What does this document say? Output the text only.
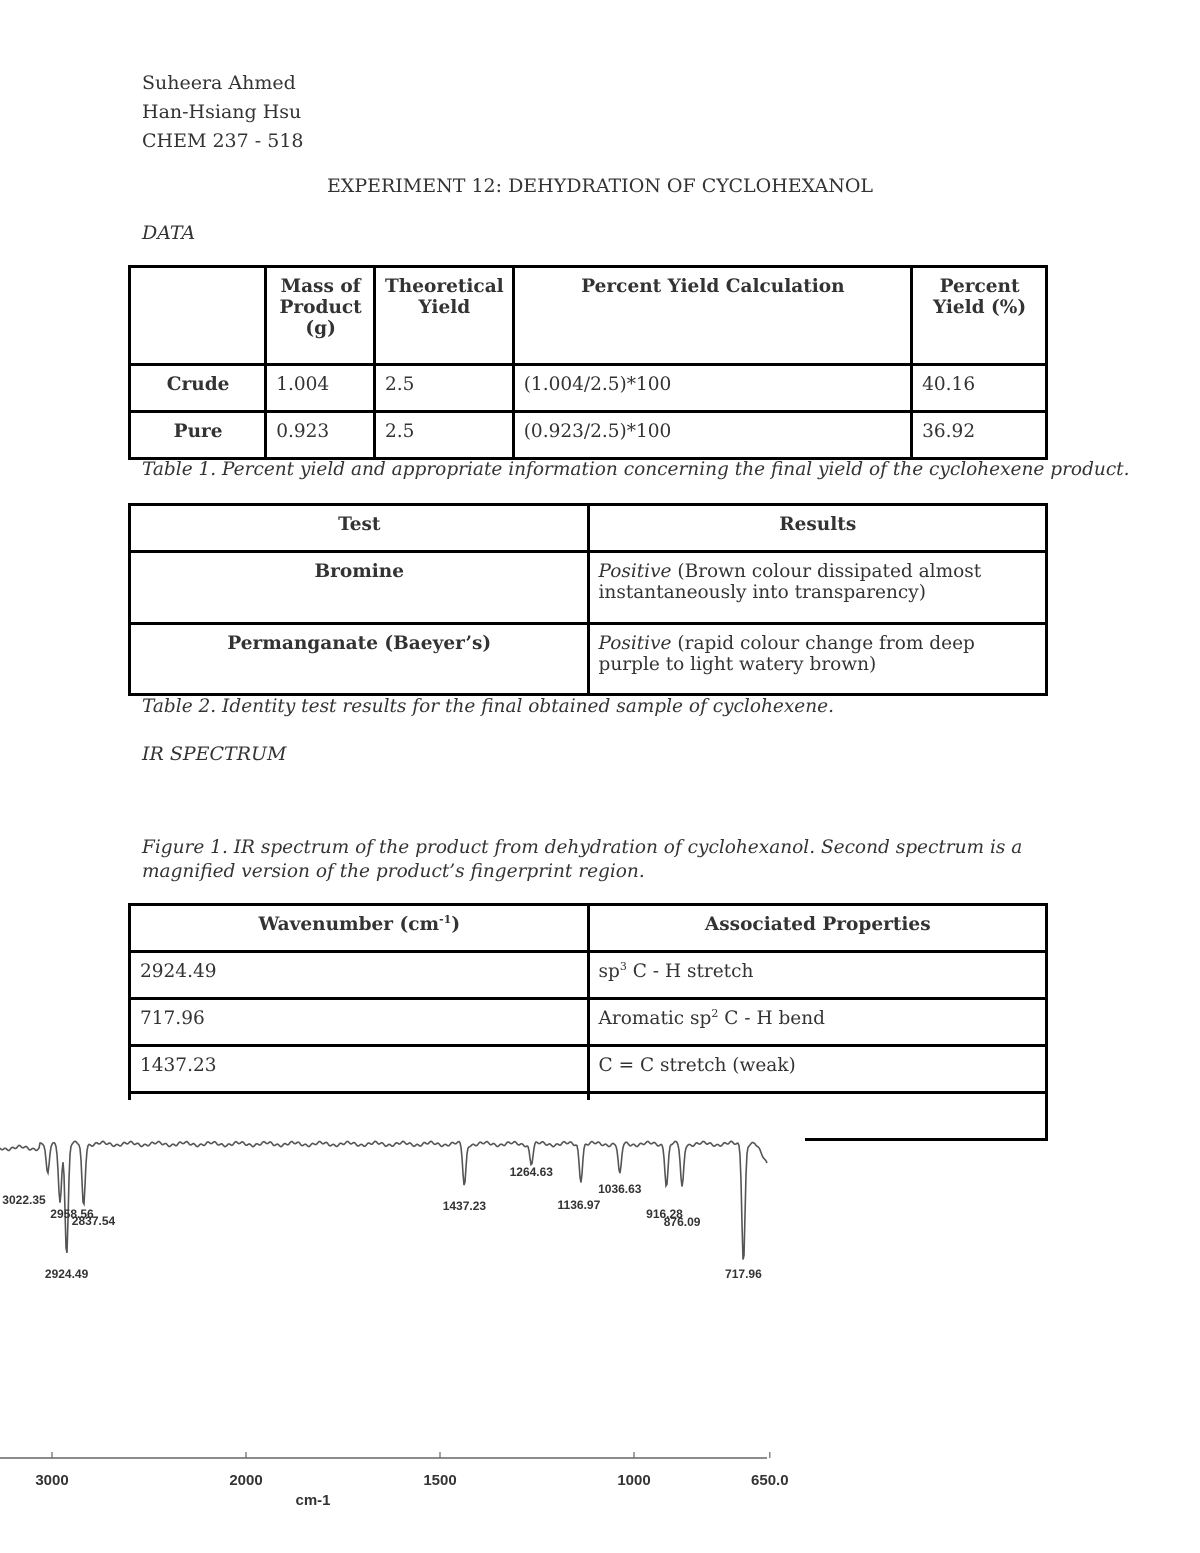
Suheera Ahmed
Han-Hsiang Hsu
CHEM 237 - 518
EXPERIMENT 12: DEHYDRATION OF CYCLOHEXANOL
DATA
	Mass of Product (g)	Theoretical Yield	Percent Yield Calculation	Percent Yield (%)
Crude	1.004	2.5	(1.004/2.5)*100	40.16
Pure	0.923	2.5	(0.923/2.5)*100	36.92
Table 1. Percent yield and appropriate information concerning the final yield of the cyclohexene product.
Test	Results
Bromine	Positive (Brown colour dissipated almost instantaneously into transparency)
Permanganate (Baeyer’s)	Positive (rapid colour change from deep purple to light watery brown)
Table 2. Identity test results for the final obtained sample of cyclohexene.
IR SPECTRUM
Figure 1. IR spectrum of the product from dehydration of cyclohexanol. Second spectrum is a magnified version of the product’s fingerprint region.
Wavenumber $(cm^{-1})$	Associated Properties
2924.49	$sp^3$ C - H stretch
717.96	Aromatic $sp^2$ C - H bend
1437.23	C = C stretch (weak)

3022.35
2958.56
2924.49
2837.54
1437.23
1264.63
1136.97
1036.63
916.28
876.09
717.96
3000	2000	1500	1000	650.0
cm-1
